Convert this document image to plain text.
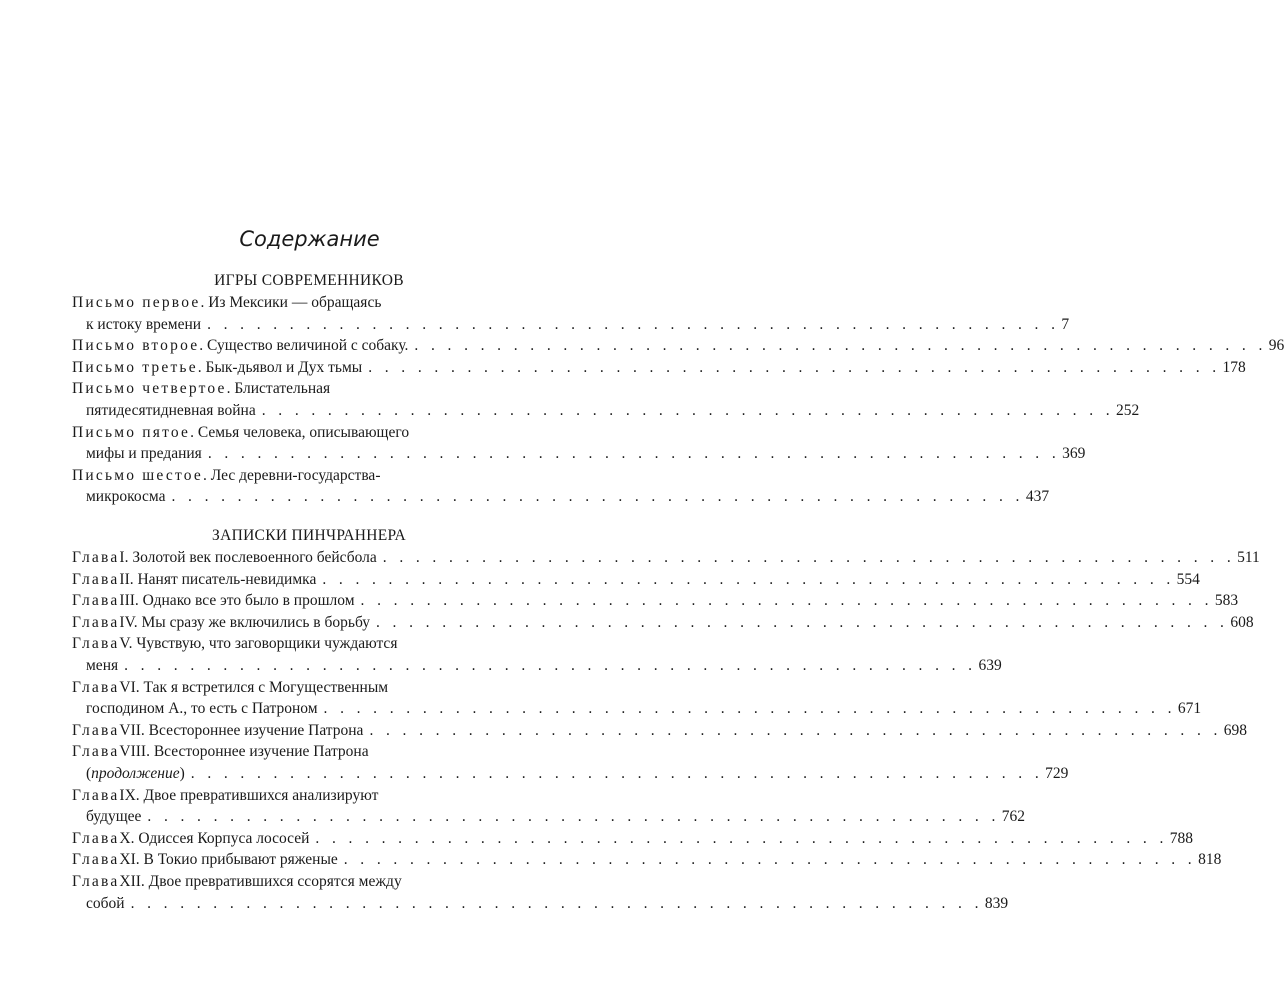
Содержание
ИГРЫ СОВРЕМЕННИКОВ
Письмо первое . Из Мексики — обращаясь
к истоку времени . . . . . . . . . . . . . . . . . . . . . . . . . . . . . . . . . . . . . . . . . . . . . . . . . . . . 7
Письмо второе . Существо величиной с собаку. . . . . . . . . . . . . . . . . . . . . . . . . . . . . . . . . . . . . . . . . . . . . . . . . . . . . 96
Письмо третье . Бык-дьявол и Дух тьмы . . . . . . . . . . . . . . . . . . . . . . . . . . . . . . . . . . . . . . . . . . . . . . . . . . . . 178
Письмо четвертое . Блистательная
пятидесятидневная война . . . . . . . . . . . . . . . . . . . . . . . . . . . . . . . . . . . . . . . . . . . . . . . . . . . . 252
Письмо пятое . Семья человека, описывающего
мифы и предания . . . . . . . . . . . . . . . . . . . . . . . . . . . . . . . . . . . . . . . . . . . . . . . . . . . . 369
Письмо шестое . Лес деревни-государства-
микрокосма . . . . . . . . . . . . . . . . . . . . . . . . . . . . . . . . . . . . . . . . . . . . . . . . . . . . 437
ЗАПИСКИ ПИНЧРАННЕРА
Глава I. Золотой век послевоенного бейсбола . . . . . . . . . . . . . . . . . . . . . . . . . . . . . . . . . . . . . . . . . . . . . . . . . . . . 511
Глава II. Нанят писатель-невидимка . . . . . . . . . . . . . . . . . . . . . . . . . . . . . . . . . . . . . . . . . . . . . . . . . . . . 554
Глава III. Однако все это было в прошлом . . . . . . . . . . . . . . . . . . . . . . . . . . . . . . . . . . . . . . . . . . . . . . . . . . . . 583
Глава IV. Мы сразу же включились в борьбу . . . . . . . . . . . . . . . . . . . . . . . . . . . . . . . . . . . . . . . . . . . . . . . . . . . . 608
Глава V. Чувствую, что заговорщики чуждаются
меня . . . . . . . . . . . . . . . . . . . . . . . . . . . . . . . . . . . . . . . . . . . . . . . . . . . . 639
Глава VI. Так я встретился с Могущественным
господином А., то есть с Патроном . . . . . . . . . . . . . . . . . . . . . . . . . . . . . . . . . . . . . . . . . . . . . . . . . . . . 671
Глава VII. Всестороннее изучение Патрона . . . . . . . . . . . . . . . . . . . . . . . . . . . . . . . . . . . . . . . . . . . . . . . . . . . . 698
Глава VIII. Всестороннее изучение Патрона
(продолжение) . . . . . . . . . . . . . . . . . . . . . . . . . . . . . . . . . . . . . . . . . . . . . . . . . . . . 729
Глава IX. Двое превратившихся анализируют
будущее . . . . . . . . . . . . . . . . . . . . . . . . . . . . . . . . . . . . . . . . . . . . . . . . . . . . 762
Глава X. Одиссея Корпуса лососей . . . . . . . . . . . . . . . . . . . . . . . . . . . . . . . . . . . . . . . . . . . . . . . . . . . . 788
Глава XI. В Токио прибывают ряженые . . . . . . . . . . . . . . . . . . . . . . . . . . . . . . . . . . . . . . . . . . . . . . . . . . . . 818
Глава XII. Двое превратившихся ссорятся между
собой . . . . . . . . . . . . . . . . . . . . . . . . . . . . . . . . . . . . . . . . . . . . . . . . . . . . 839
